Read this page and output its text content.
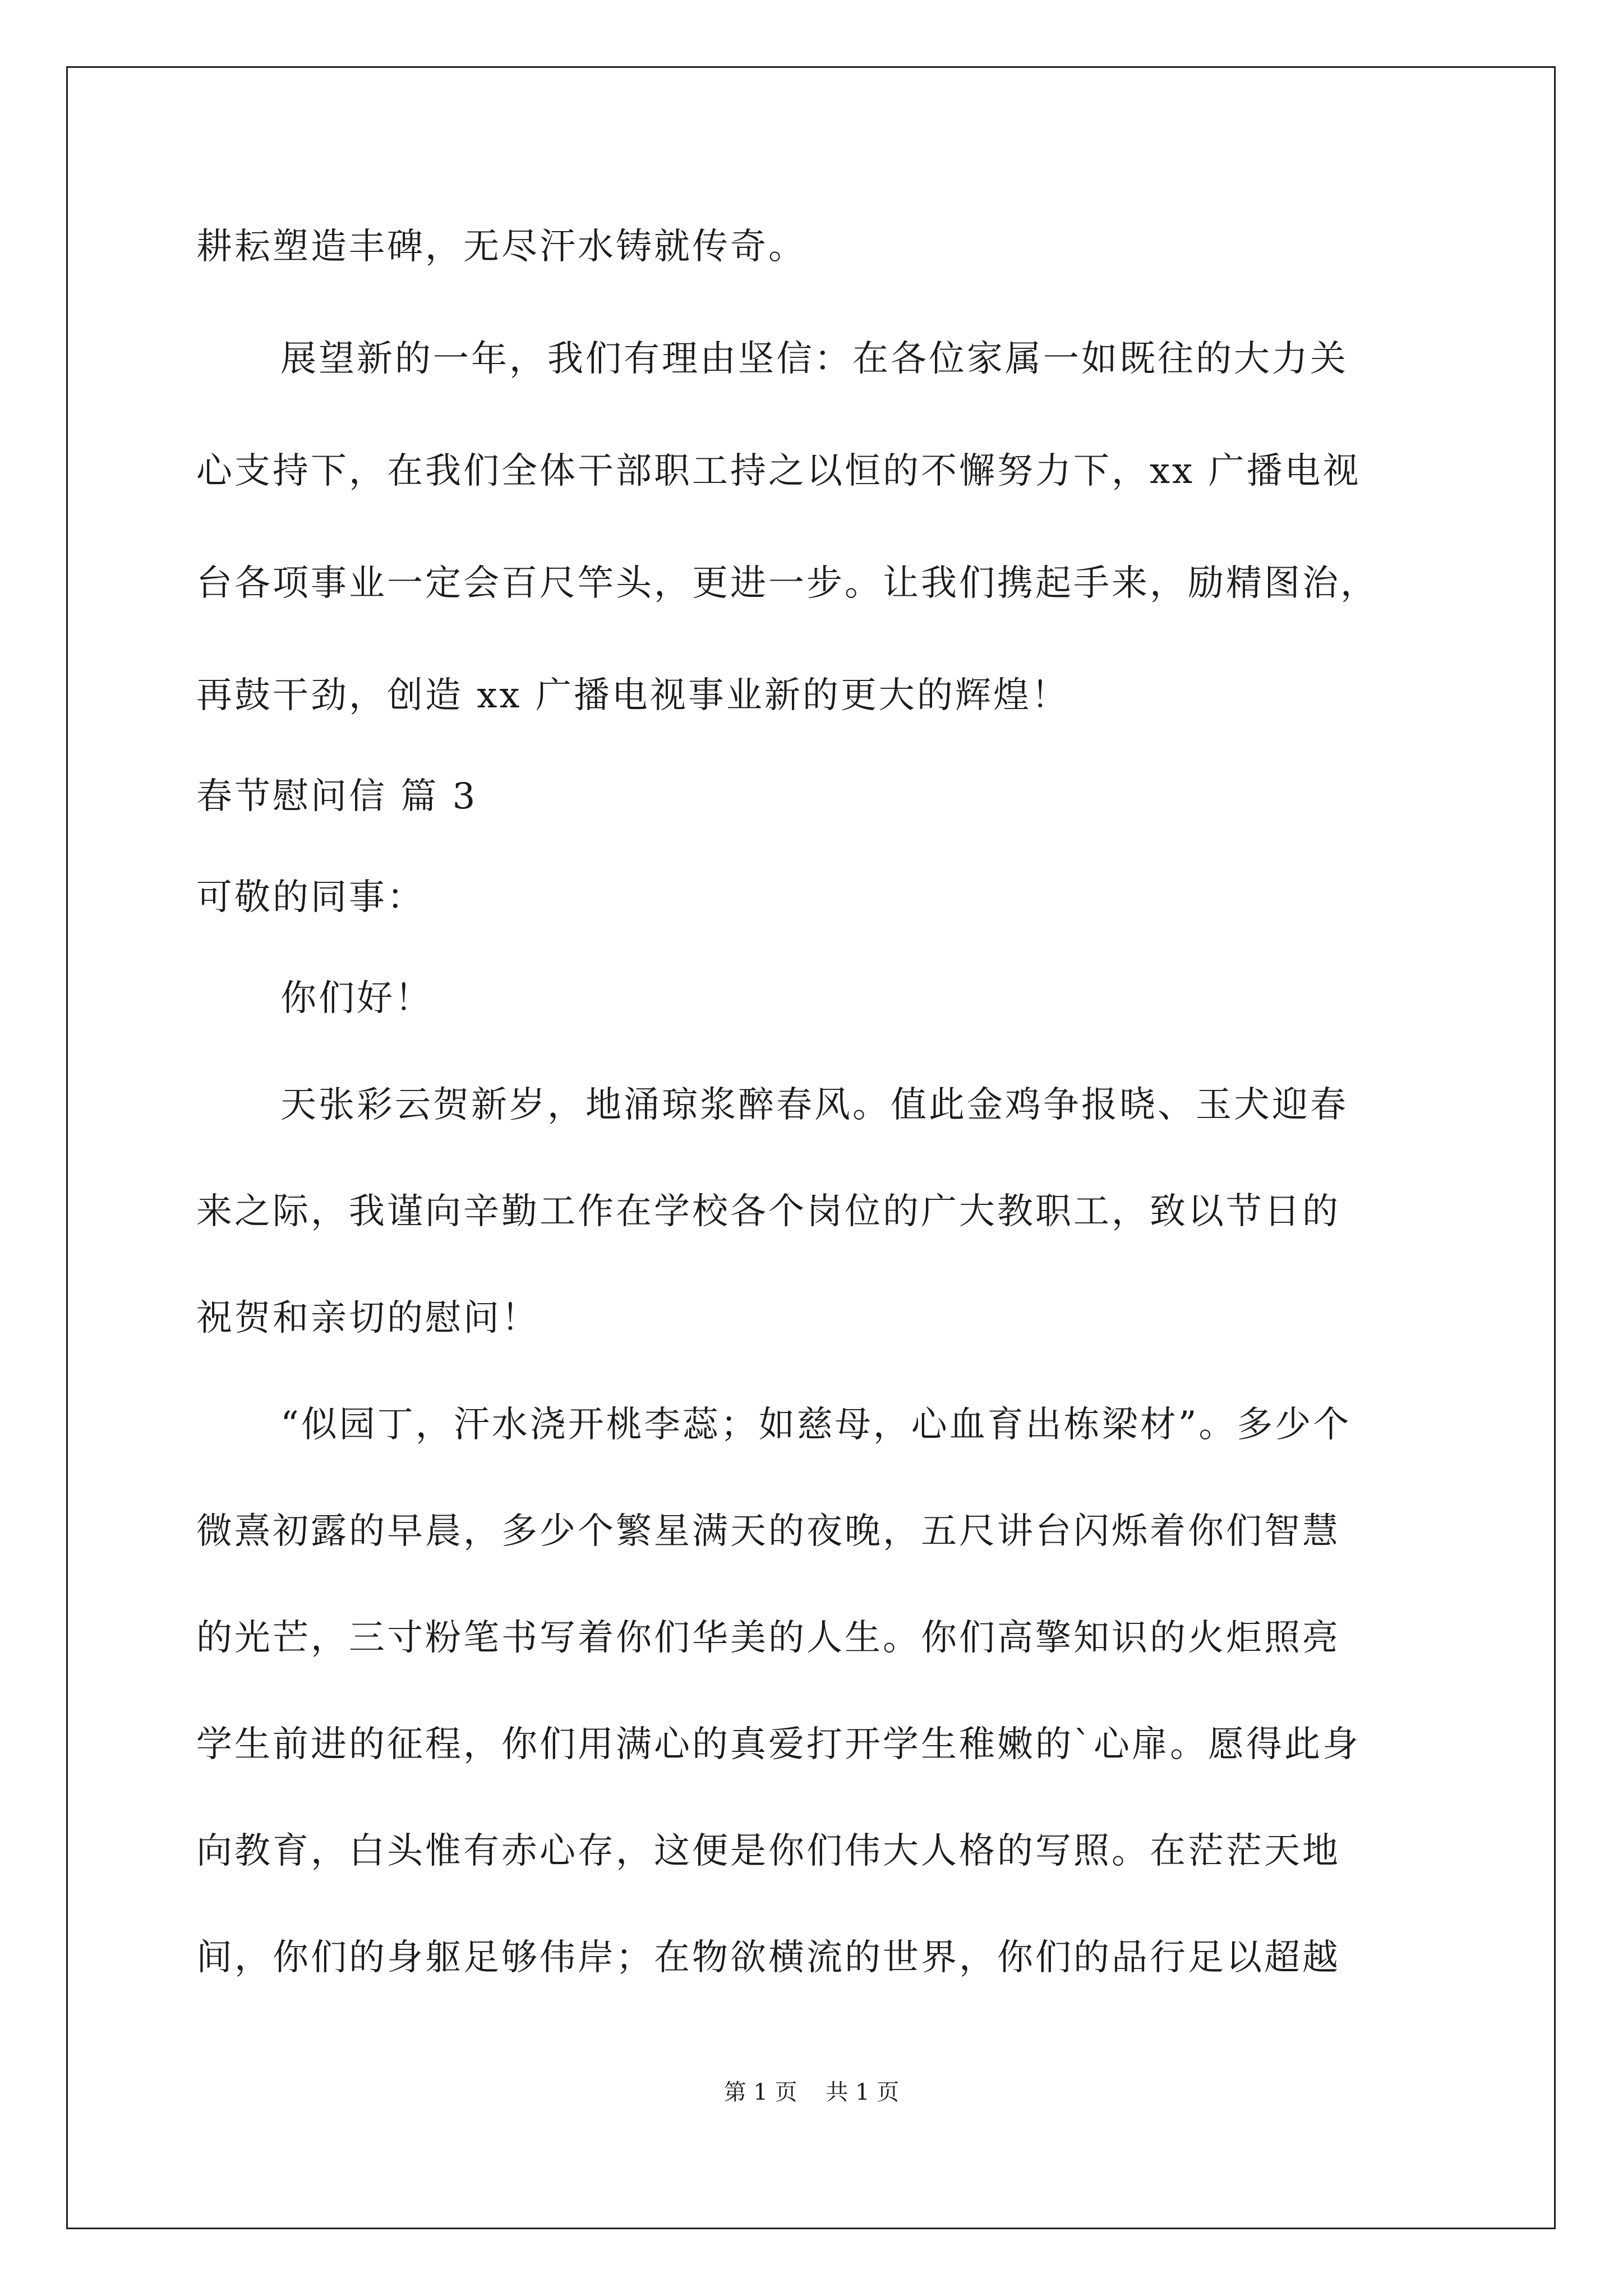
耕耘塑造丰碑，无尽汗水铸就传奇。
展望新的一年，我们有理由坚信：在各位家属一如既往的大力关
心支持下，在我们全体干部职工持之以恒的不懈努力下，xx 广播电视
台各项事业一定会百尺竿头，更进一步。让我们携起手来，励精图治，
再鼓干劲，创造 xx 广播电视事业新的更大的辉煌！
春节慰问信 篇 3
可敬的同事：
你们好！
天张彩云贺新岁，地涌琼浆醉春风。值此金鸡争报晓、玉犬迎春
来之际，我谨向辛勤工作在学校各个岗位的广大教职工，致以节日的
祝贺和亲切的慰问！
“似园丁，汗水浇开桃李蕊；如慈母，心血育出栋梁材”。多少个
微熹初露的早晨，多少个繁星满天的夜晚，五尺讲台闪烁着你们智慧
的光芒，三寸粉笔书写着你们华美的人生。你们高擎知识的火炬照亮
学生前进的征程，你们用满心的真爱打开学生稚嫩的`心扉。愿得此身
向教育，白头惟有赤心存，这便是你们伟大人格的写照。在茫茫天地
间，你们的身躯足够伟岸；在物欲横流的世界，你们的品行足以超越
第 1 页    共 1 页
